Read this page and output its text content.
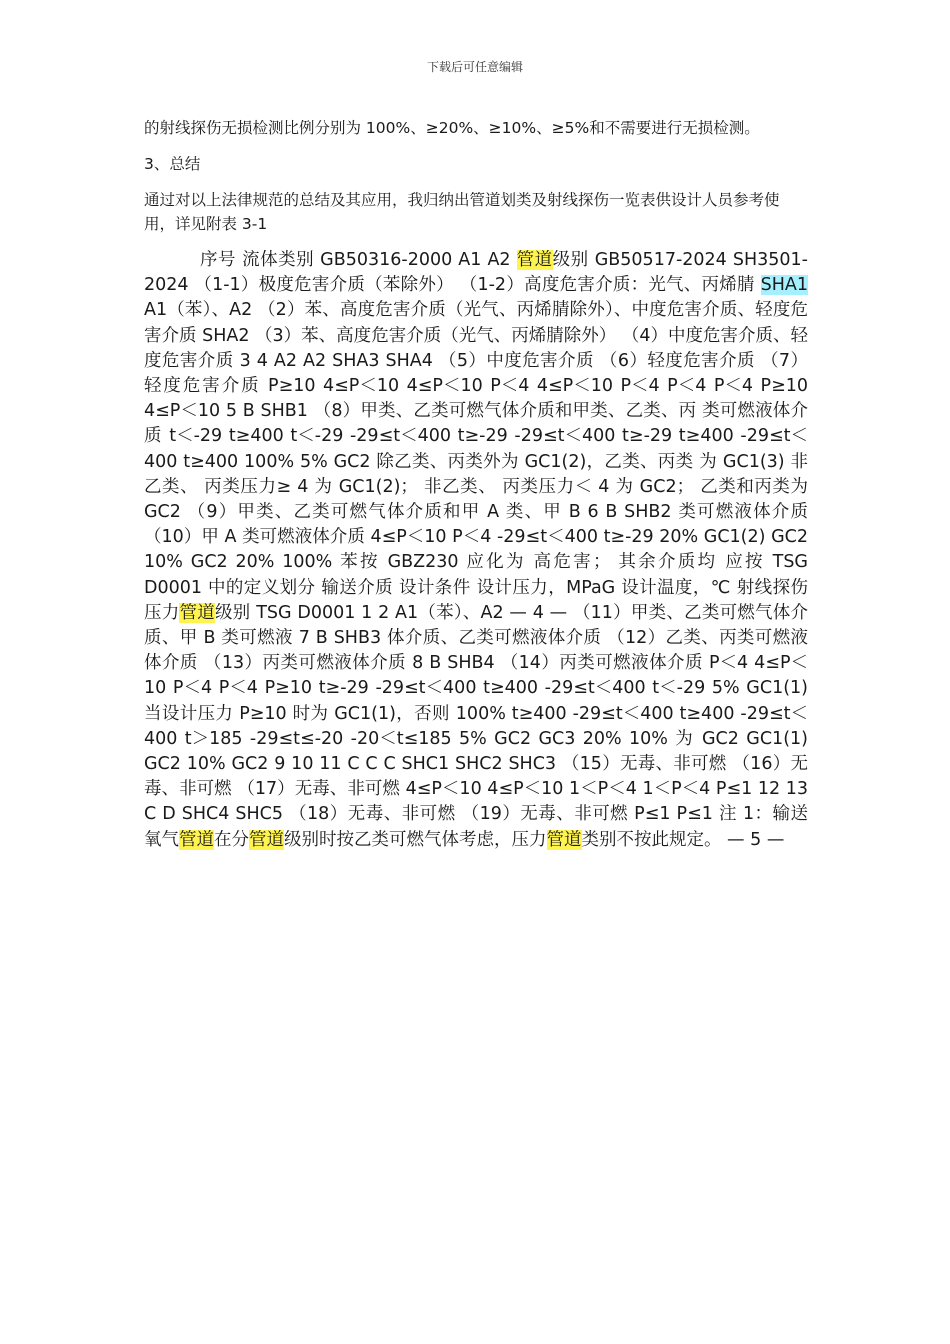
下载后可任意编辑

的射线探伤无损检测比例分别为 100%、≥20%、≥10%、≥5%和不需要进行无损检测。

3、总结

通过对以上法律规范的总结及其应用，我归纳出管道划类及射线探伤一览表供设计人员参考使用，详见附表 3-1

序号 流体类别 GB50316-2000 A1 A2 管道级别 GB50517-2024 SH3501-2024 （1-1）极度危害介质（苯除外） （1-2）高度危害介质：光气、丙烯腈 SHA1 A1（苯）、A2 （2）苯、高度危害介质（光气、丙烯腈除外）、中度危害介质、轻度危害介质 SHA2 （3）苯、高度危害介质（光气、丙烯腈除外） （4）中度危害介质、轻度危害介质 3 4 A2 A2 SHA3 SHA4 （5）中度危害介质 （6）轻度危害介质 （7）轻度危害介质 P≥10 4≤P＜10 4≤P＜10 P＜4 4≤P＜10 P＜4 P＜4 P＜4 P≥10 4≤P＜10 5 B SHB1 （8）甲类、乙类可燃气体介质和甲类、乙类、丙 类可燃液体介质 t＜-29 t≥400 t＜-29 -29≤t＜400 t≥-29 -29≤t＜400 t≥-29 t≥400 -29≤t＜400 t≥400 100% 5% GC2 除乙类、丙类外为 GC1(2)，乙类、丙类 为 GC1(3) 非乙类、 丙类压力≥ 4 为 GC1(2)； 非乙类、 丙类压力＜ 4 为 GC2； 乙类和丙类为 GC2 （9）甲类、乙类可燃气体介质和甲 A 类、甲 B 6 B SHB2 类可燃液体介质 （10）甲 A 类可燃液体介质 4≤P＜10 P＜4 -29≤t＜400 t≥-29 20% GC1(2) GC2 10% GC2 20% 100% 苯按 GBZ230 应化为 高危害； 其余介质均 应按 TSG D0001 中的定义划分 输送介质 设计条件 设计压力，MPaG 设计温度，℃ 射线探伤 压力管道级别 TSG D0001 1 2 A1（苯）、A2 — 4 — （11）甲类、乙类可燃气体介质、甲 B 类可燃液 7 B SHB3 体介质、乙类可燃液体介质 （12）乙类、丙类可燃液体介质 （13）丙类可燃液体介质 8 B SHB4 （14）丙类可燃液体介质 P＜4 4≤P＜10 P＜4 P＜4 P≥10 t≥-29 -29≤t＜400 t≥400 -29≤t＜400 t＜-29 5% GC1(1) 当设计压力 P≥10 时为 GC1(1)，否则 100% t≥400 -29≤t＜400 t≥400 -29≤t＜400 t＞185 -29≤t≤-20 -20＜t≤185 5% GC2 GC3 20% 10% 为 GC2 GC1(1) GC2 10% GC2 9 10 11 C C C SHC1 SHC2 SHC3 （15）无毒、非可燃 （16）无毒、非可燃 （17）无毒、非可燃 4≤P＜10 4≤P＜10 1＜P＜4 1＜P＜4 P≤1 12 13 C D SHC4 SHC5 （18）无毒、非可燃 （19）无毒、非可燃 P≤1 P≤1 注 1：输送氧气管道在分管道级别时按乙类可燃气体考虑，压力管道类别不按此规定。 — 5 —
